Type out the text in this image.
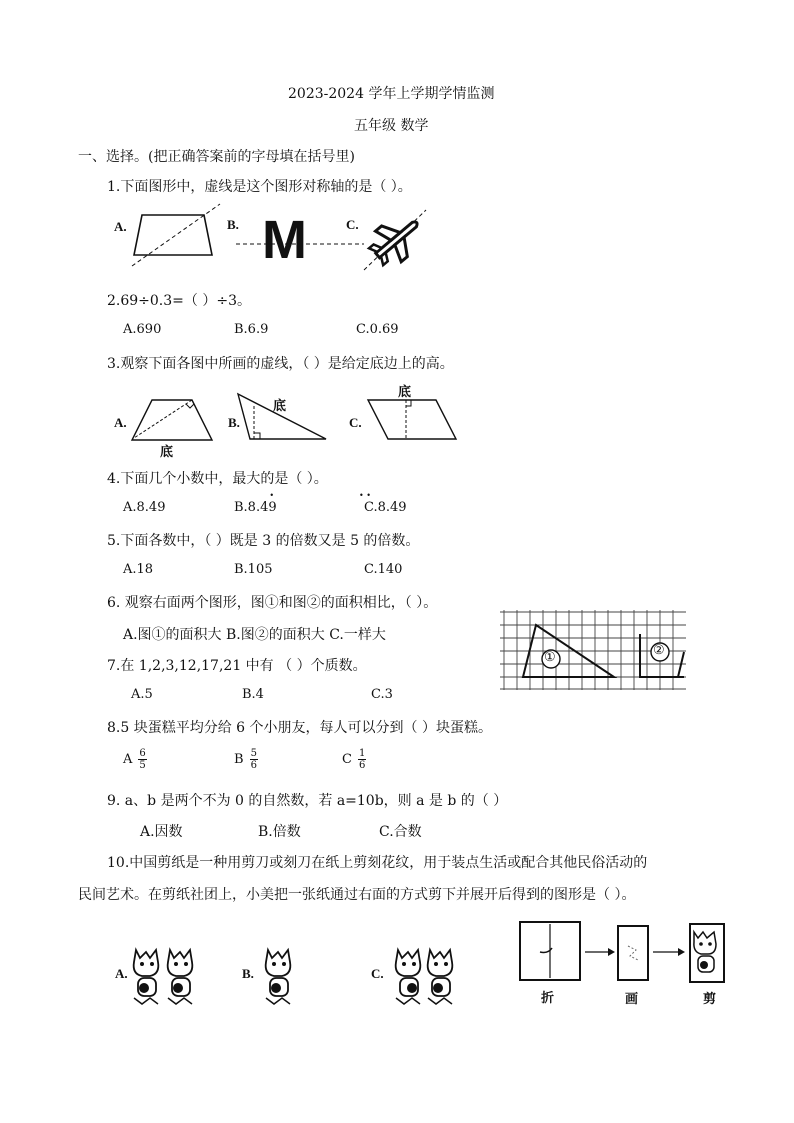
2023-2024 学年上学期学情监测
五年级 数学
一、选择。(把正确答案前的字母填在括号里)
1.下面图形中，虚线是这个图形对称轴的是（ ）。
A.	B. M	C.
2.69÷0.3=（ ）÷3。
A.690	B.6.9	C.0.69
3.观察下面各图中所画的虚线，（ ）是给定底边上的高。
A.
底
B.
底
C.
底
4.下面几个小数中，最大的是（ ）。
A.8.49	B.8.49 •	C.8.49 • •
5.下面各数中，（ ）既是 3 的倍数又是 5 的倍数。
A.18	B.105	C.140
6. 观察右面两个图形，图①和图②的面积相比，（ ）。
A.图①的面积大 B.图②的面积大 C.一样大
①	②
7.在 1,2,3,12,17,21 中有 （ ）个质数。
A.5	B.4	C.3
8.5 块蛋糕平均分给 6 个小朋友，每人可以分到（ ）块蛋糕。
A $\frac{6}{5}$	B $\frac{5}{6}$	C $\frac{1}{6}$
9. a、b 是两个不为 0 的自然数，若 a=10b，则 a 是 b 的（ ）
A.因数	B.倍数	C.合数
10.中国剪纸是一种用剪刀或刻刀在纸上剪刻花纹，用于装点生活或配合其他民俗活动的
民间艺术。在剪纸社团上，小美把一张纸通过右面的方式剪下并展开后得到的图形是（ ）。
A.	B.	C.
折	画	剪
